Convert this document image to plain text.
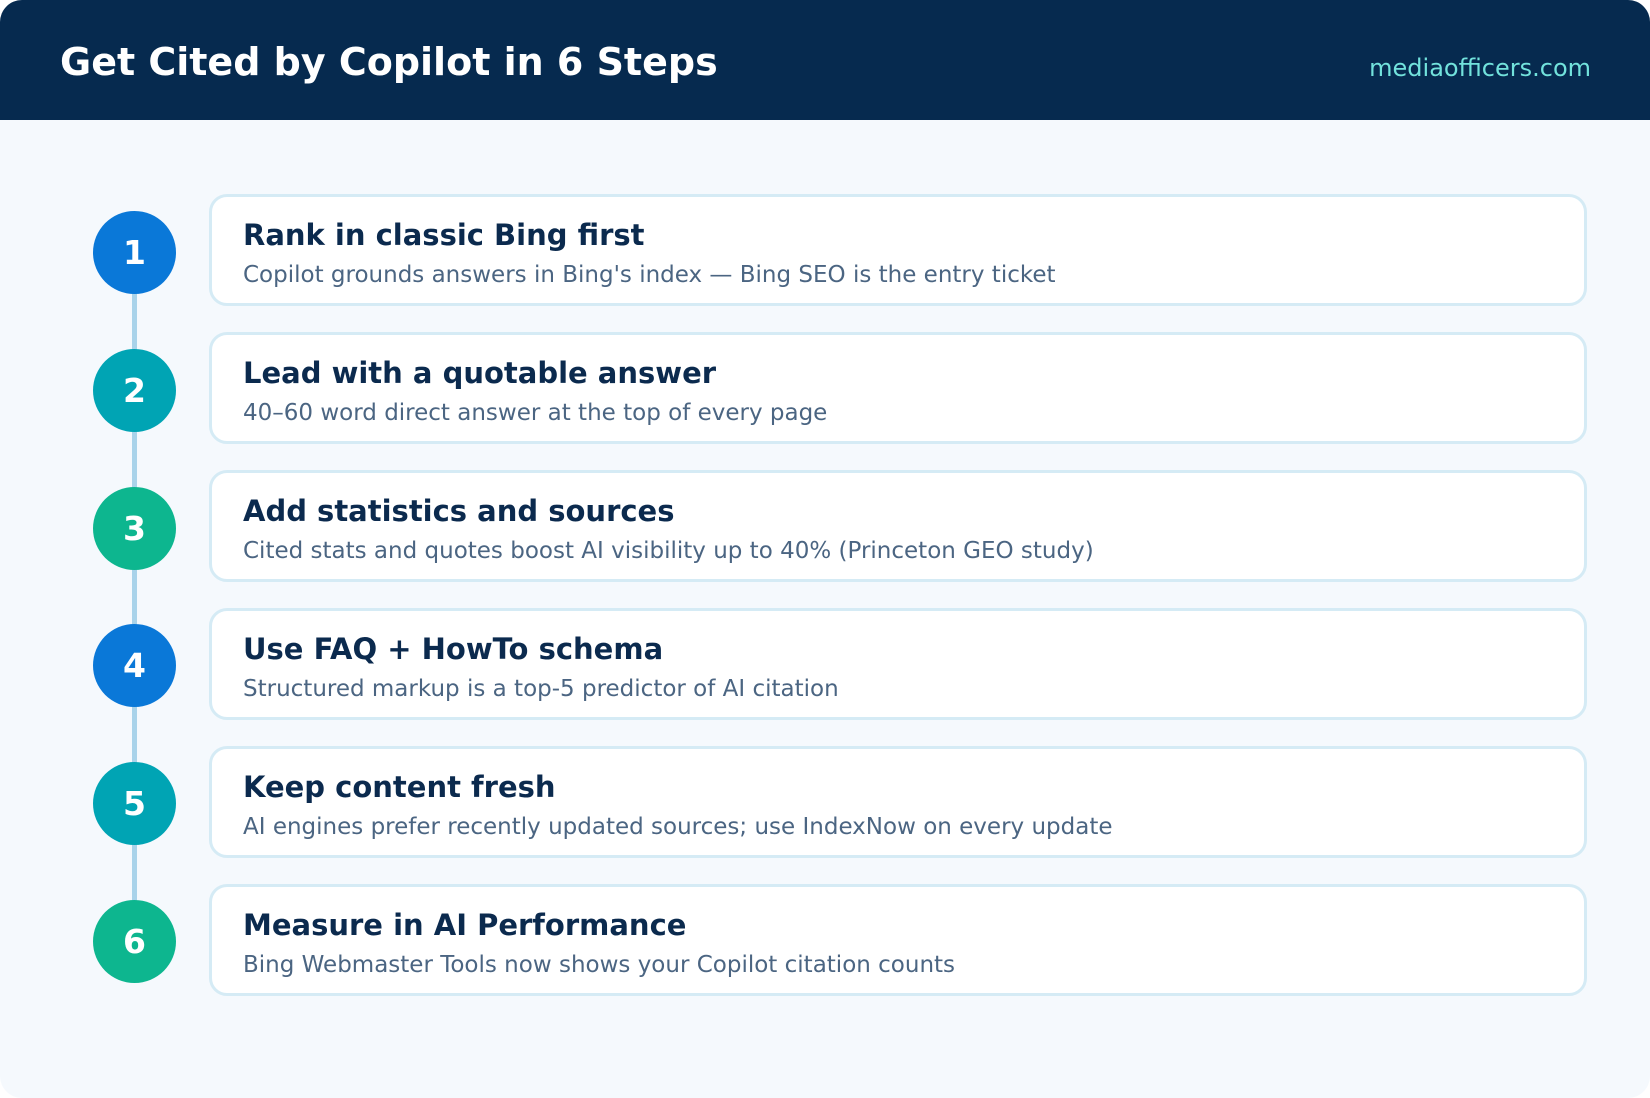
Get Cited by Copilot in 6 Steps	mediaofficers.com
1	Rank in classic Bing first
Copilot grounds answers in Bing's index — Bing SEO is the entry ticket
2	Lead with a quotable answer
40–60 word direct answer at the top of every page
3	Add statistics and sources
Cited stats and quotes boost AI visibility up to 40% (Princeton GEO study)
4	Use FAQ + HowTo schema
Structured markup is a top-5 predictor of AI citation
5	Keep content fresh
AI engines prefer recently updated sources; use IndexNow on every update
6	Measure in AI Performance
Bing Webmaster Tools now shows your Copilot citation counts
